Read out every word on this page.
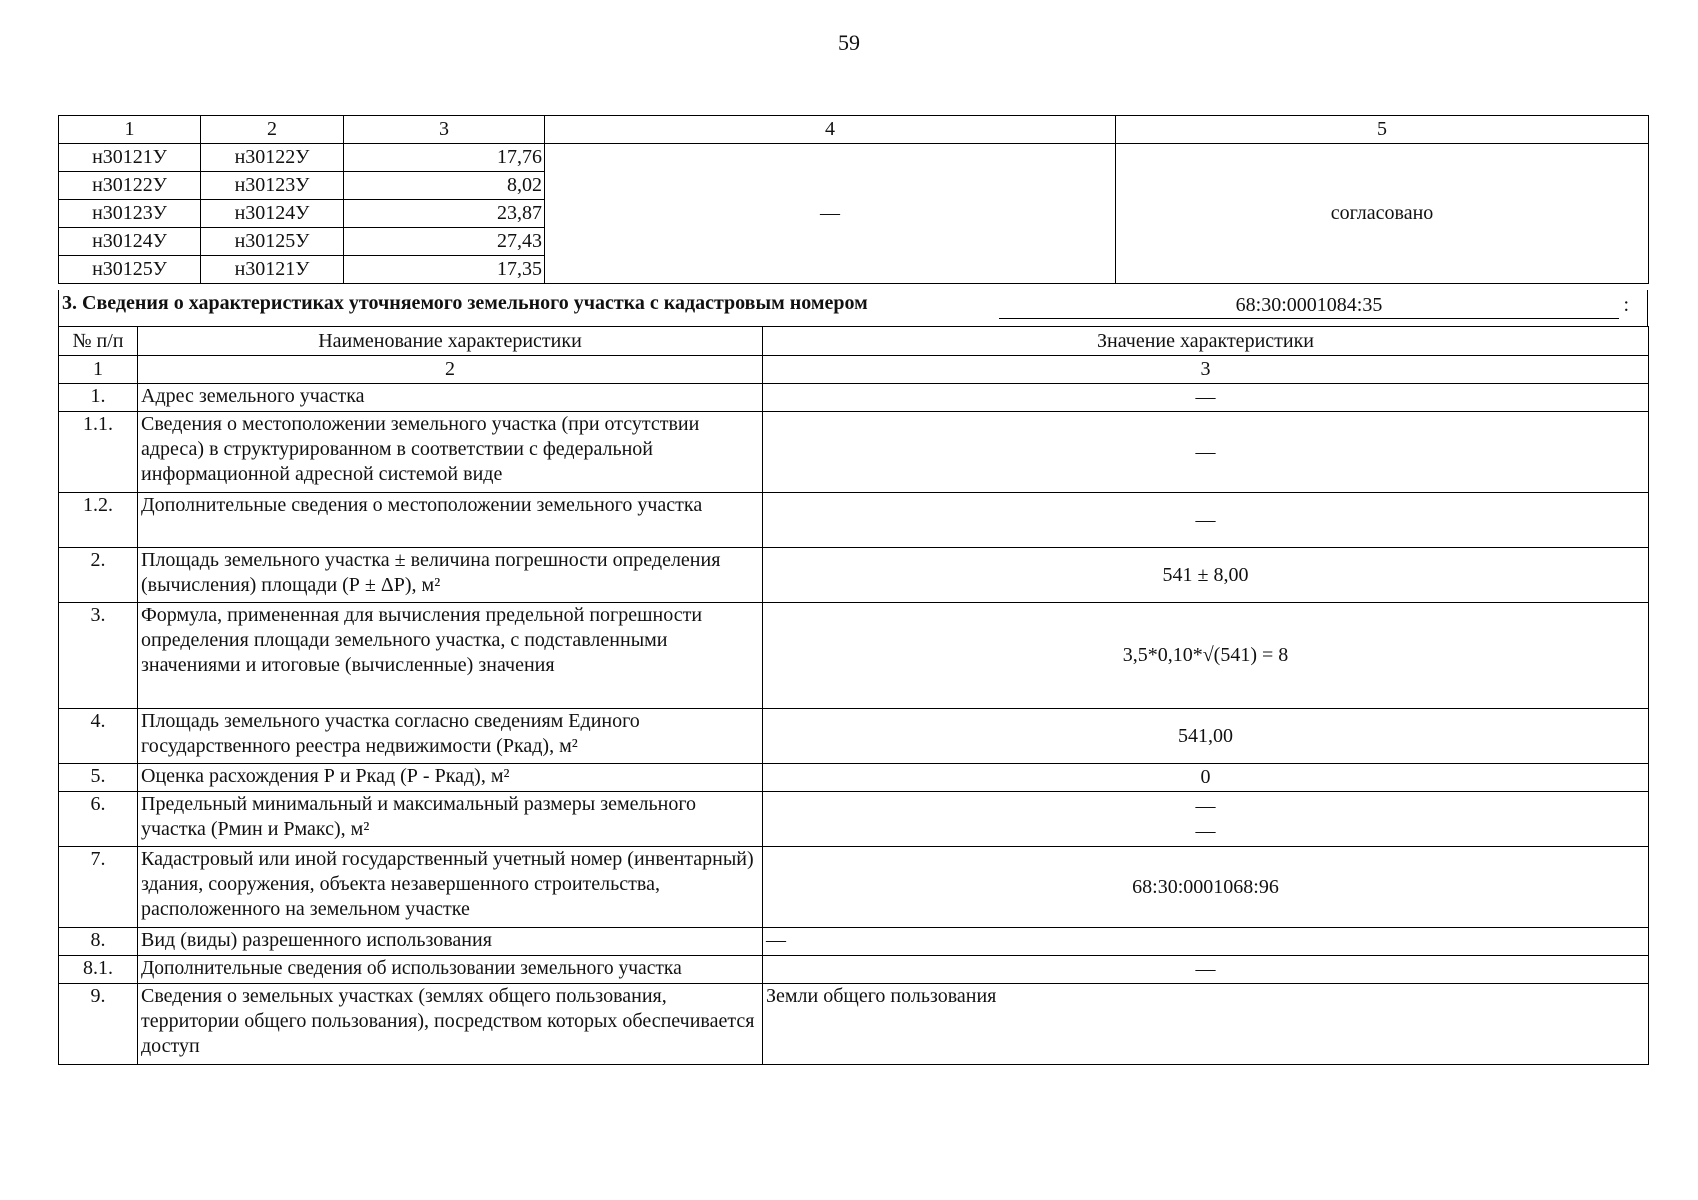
59
1	2	3	4	5
н30121У	н30122У	17,76	—	согласовано
н30122У	н30123У	8,02		
н30123У	н30124У	23,87		
н30124У	н30125У	27,43		
н30125У	н30121У	17,35		
3. Сведения о характеристиках уточняемого земельного участка с кадастровым номером	68:30:0001084:35	:
№ п/п	Наименование характеристики	Значение характеристики
1	2	3
1.	Адрес земельного участка	—
1.1.	Сведения о местоположении земельного участка (при отсутствии адреса) в структурированном в соответствии с федеральной информационной адресной системой виде	—
1.2.	Дополнительные сведения о местоположении земельного участка	—
2.	Площадь земельного участка ± величина погрешности определения (вычисления) площади (Р ± ΔР), м²	541 ± 8,00
3.	Формула, примененная для вычисления предельной погрешности определения площади земельного участка, с подставленными значениями и итоговые (вычисленные) значения	3,5*0,10*√(541) = 8
4.	Площадь земельного участка согласно сведениям Единого государственного реестра недвижимости (Ркад), м²	541,00
5.	Оценка расхождения Р и Ркад (Р - Ркад), м²	0
6.	Предельный минимальный и максимальный размеры земельного участка (Рмин и Рмакс), м²	—
—

7.	Кадастровый или иной государственный учетный номер (инвентарный) здания, сооружения, объекта незавершенного строительства, расположенного на земельном участке	68:30:0001068:96
8.	Вид (виды) разрешенного использования	—
8.1.	Дополнительные сведения об использовании земельного участка	—
9.	Сведения о земельных участках (землях общего пользования, территории общего пользования), посредством которых обеспечивается доступ	Земли общего пользования
